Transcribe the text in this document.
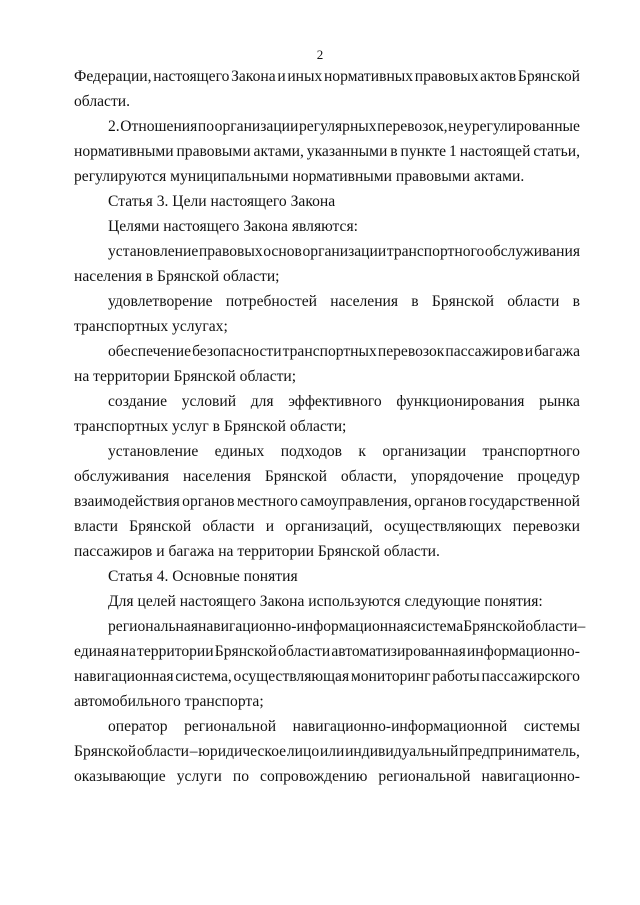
2
Федерации, настоящего Закона и иных нормативных правовых актов Брянской
области.
2. Отношения по организации регулярных перевозок, не урегулированные
нормативными правовыми актами, указанными в пункте 1 настоящей статьи,
регулируются муниципальными нормативными правовыми актами.
Статья 3. Цели настоящего Закона
Целями настоящего Закона являются:
установление правовых основ организации транспортного обслуживания
населения в Брянской области;
удовлетворение потребностей населения в Брянской области в
транспортных услугах;
обеспечение безопасности транспортных перевозок пассажиров и багажа
на территории Брянской области;
создание условий для эффективного функционирования рынка
транспортных услуг в Брянской области;
установление единых подходов к организации транспортного
обслуживания населения Брянской области, упорядочение процедур
взаимодействия органов местного самоуправления, органов государственной
власти Брянской области и организаций, осуществляющих перевозки
пассажиров и багажа на территории Брянской области.
Статья 4. Основные понятия
Для целей настоящего Закона используются следующие понятия:
региональная навигационно-информационная система Брянской области –
единая на территории Брянской области автоматизированная информационно-
навигационная система, осуществляющая мониторинг работы пассажирского
автомобильного транспорта;
оператор региональной навигационно-информационной системы
Брянской области – юридическое лицо или индивидуальный предприниматель,
оказывающие услуги по сопровождению региональной навигационно-
